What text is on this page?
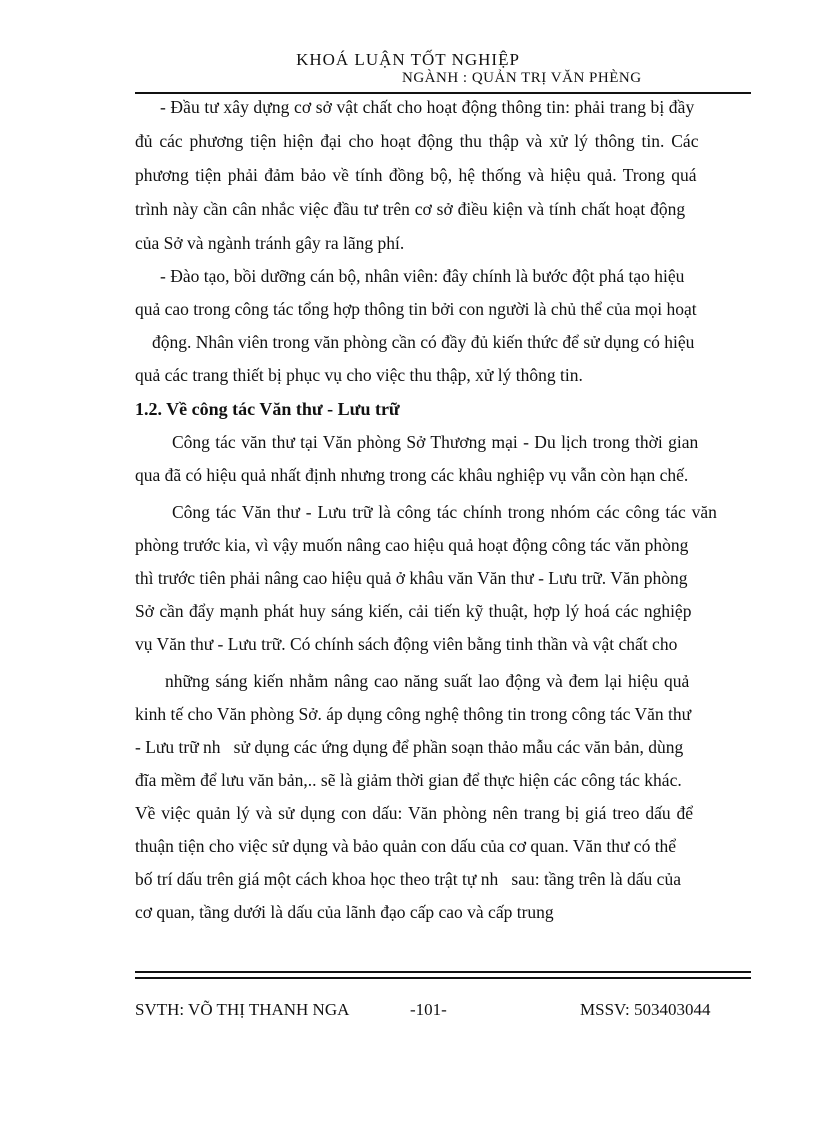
KHOÁ LUẬN TỐT NGHIỆP
NGÀNH : QUẢN TRỊ VĂN PHÈNG
- Đầu tư xây dựng cơ sở vật chất cho hoạt động thông tin: phải trang bị đầy
đủ các phương tiện hiện đại cho hoạt động thu thập và xử lý thông tin. Các
phương tiện phải đảm bảo về tính đồng bộ, hệ thống và hiệu quả. Trong quá
trình này cần cân nhắc việc đầu tư trên cơ sở điều kiện và tính chất hoạt động
của Sở và ngành tránh gây ra lãng phí.
- Đào tạo, bồi dưỡng cán bộ, nhân viên: đây chính là bước đột phá tạo hiệu
quả cao trong công tác tổng hợp thông tin bởi con người là chủ thể của mọi hoạt
động. Nhân viên trong văn phòng cần có đầy đủ kiến thức để sử dụng có hiệu
quả các trang thiết bị phục vụ cho việc thu thập, xử lý thông tin.
1.2. Về công tác Văn thư - Lưu trữ
Công tác văn thư tại Văn phòng Sở Thương mại - Du lịch trong thời gian
qua đã có hiệu quả nhất định nhưng trong các khâu nghiệp vụ vẫn còn hạn chế.
Công tác Văn thư - Lưu trữ là công tác chính trong nhóm các công tác văn
phòng trước kia, vì vậy muốn nâng cao hiệu quả hoạt động công tác văn phòng
thì trước tiên phải nâng cao hiệu quả ở khâu văn Văn thư - Lưu trữ. Văn phòng
Sở cần đẩy mạnh phát huy sáng kiến, cải tiến kỹ thuật, hợp lý hoá các nghiệp
vụ Văn thư - Lưu trữ. Có chính sách động viên bằng tinh thần và vật chất cho
những sáng kiến nhằm nâng cao năng suất lao động và đem lại hiệu quả
kinh tế cho Văn phòng Sở. áp dụng công nghệ thông tin trong công tác Văn thư
- Lưu trữ nh   sử dụng các ứng dụng để phần soạn thảo mẫu các văn bản, dùng
đĩa mềm để lưu văn bản,.. sẽ là giảm thời gian để thực hiện các công tác khác.
Về việc quản lý và sử dụng con dấu: Văn phòng nên trang bị giá treo dấu để
thuận tiện cho việc sử dụng và bảo quản con dấu của cơ quan. Văn thư có thể
bố trí dấu trên giá một cách khoa học theo trật tự nh   sau: tầng trên là dấu của
cơ quan, tầng dưới là dấu của lãnh đạo cấp cao và cấp trung
SVTH: VÕ THỊ THANH NGA	-101-	MSSV: 503403044
